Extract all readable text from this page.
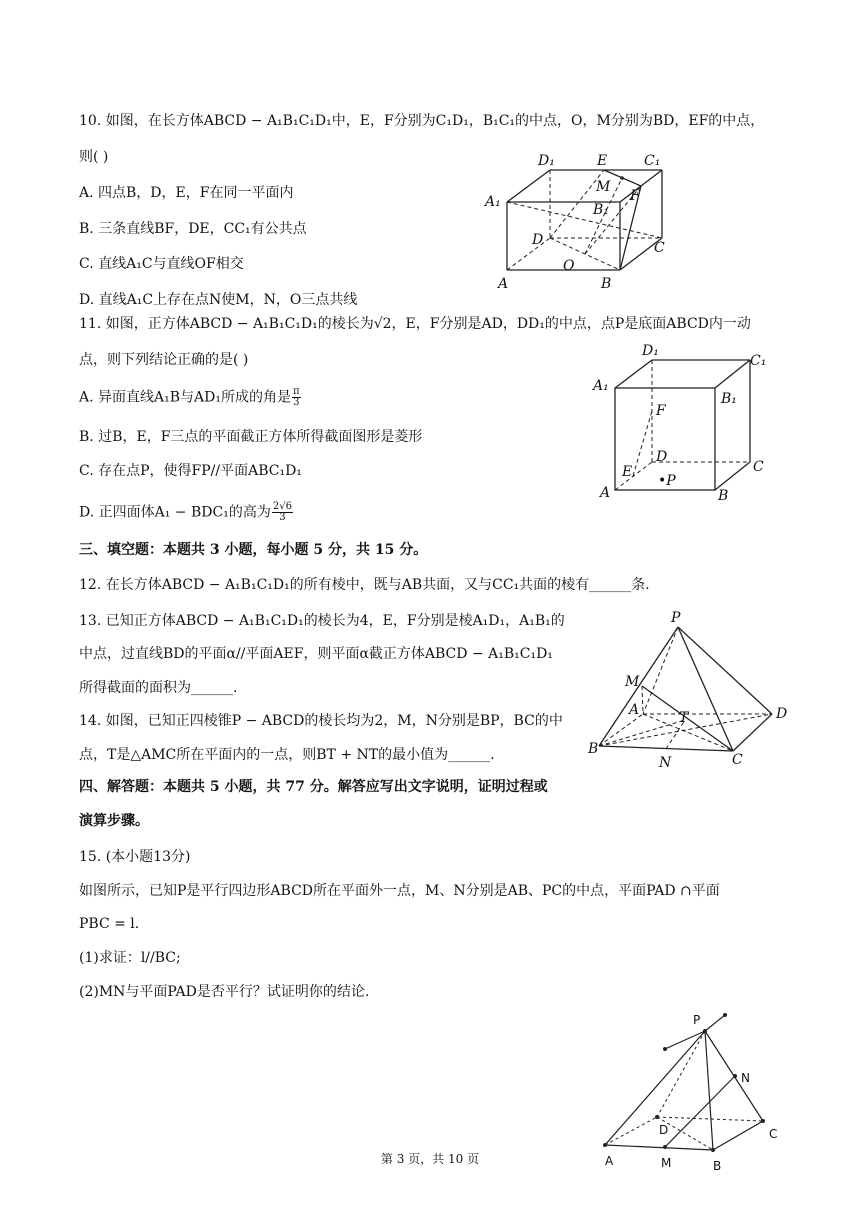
10. 如图，在长方体ABCD − A₁B₁C₁D₁中，E，F分别为C₁D₁，B₁C₁的中点，O，M分别为BD，EF的中点，
则( )
A. 四点B，D，E，F在同一平面内
B. 三条直线BF，DE，CC₁有公共点
C. 直线A₁C与直线OF相交
D. 直线A₁C上存在点N使M，N，O三点共线
D₁	E	C₁
M
F
A₁	B₁
D	C
O
A	B
11. 如图，正方体ABCD − A₁B₁C₁D₁的棱长为√2，E，F分别是AD，DD₁的中点，点P是底面ABCD内一动
点，则下列结论正确的是( )
A. 异面直线A₁B与AD₁所成的角是 $\frac{\pi}{3}$
B. 过B，E，F三点的平面截正方体所得截面图形是菱形
C. 存在点P，使得FP//平面ABC₁D₁
D. 正四面体A₁ − BDC₁的高为 $\frac{2√6}{3}$
D₁
C₁
A₁
B₁
F
D
C
E
•P
A	B
三、填空题：本题共 3 小题，每小题 5 分，共 15 分。
12. 在长方体ABCD − A₁B₁C₁D₁的所有棱中，既与AB共面，又与CC₁共面的棱有______条.
13. 已知正方体ABCD − A₁B₁C₁D₁的棱长为4，E，F分别是棱A₁D₁，A₁B₁的
中点，过直线BD的平面α//平面AEF，则平面α截正方体ABCD − A₁B₁C₁D₁
所得截面的面积为______.
14. 如图，已知正四棱锥P − ABCD的棱长均为2，M，N分别是BP，BC的中
点，T是△AMC所在平面内的一点，则BT + NT的最小值为______.
P
M
A	T	D
B
N	C
四、解答题：本题共 5 小题，共 77 分。解答应写出文字说明，证明过程或
演算步骤。
15. (本小题13分)
如图所示，已知P是平行四边形ABCD所在平面外一点，M、N分别是AB、PC的中点，平面PAD ∩平面
PBC = l.
(1)求证：l//BC;
(2)MN与平面PAD是否平行？试证明你的结论.
P
N
D	C
A	M	B
第 3 页，共 10 页
